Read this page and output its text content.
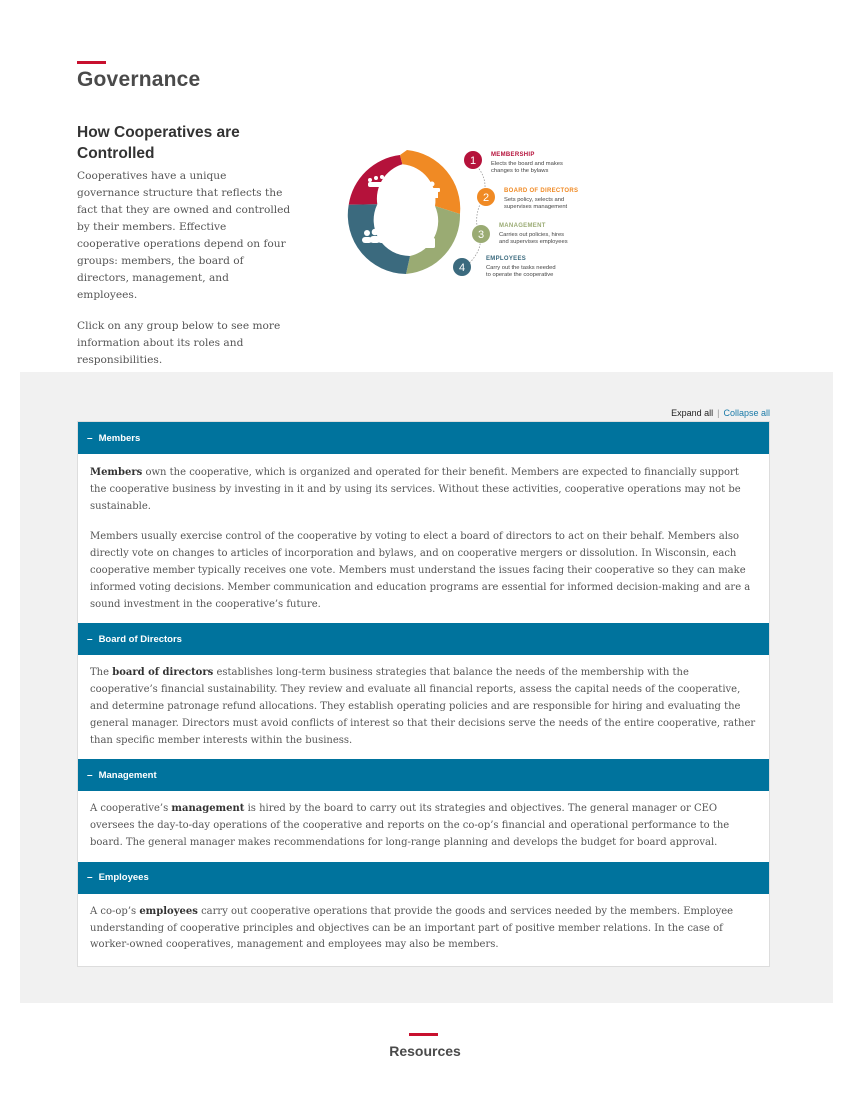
Governance
How Cooperatives are Controlled

Cooperatives have a unique governance structure that reflects the fact that they are owned and controlled by their members. Effective cooperative operations depend on four groups: members, the board of directors, management, and employees.

Click on any group below to see more information about its roles and responsibilities.

1 MEMBERSHIP
Elects the board and makes
changes to the bylaws
2
BOARD OF DIRECTORS
Sets policy, selects and
supervises management
3
MANAGEMENT
Carries out policies, hires
and supervises employees
4
EMPLOYEES
Carry out the tasks needed
to operate the cooperative
Expand all | Collapse all
– Members

Members own the cooperative, which is organized and operated for their benefit. Members are expected to financially support the cooperative business by investing in it and by using its services. Without these activities, cooperative operations may not be sustainable.

Members usually exercise control of the cooperative by voting to elect a board of directors to act on their behalf. Members also directly vote on changes to articles of incorporation and bylaws, and on cooperative mergers or dissolution. In Wisconsin, each cooperative member typically receives one vote. Members must understand the issues facing their cooperative so they can make informed voting decisions. Member communication and education programs are essential for informed decision-making and are a sound investment in the cooperative’s future.

– Board of Directors

The board of directors establishes long-term business strategies that balance the needs of the membership with the cooperative’s financial sustainability. They review and evaluate all financial reports, assess the capital needs of the cooperative, and determine patronage refund allocations. They establish operating policies and are responsible for hiring and evaluating the general manager. Directors must avoid conflicts of interest so that their decisions serve the needs of the entire cooperative, rather than specific member interests within the business.

– Management

A cooperative’s management is hired by the board to carry out its strategies and objectives. The general manager or CEO oversees the day-to-day operations of the cooperative and reports on the co-op’s financial and operational performance to the board. The general manager makes recommendations for long-range planning and develops the budget for board approval.

– Employees

A co-op’s employees carry out cooperative operations that provide the goods and services needed by the members. Employee understanding of cooperative principles and objectives can be an important part of positive member relations. In the case of worker-owned cooperatives, management and employees may also be members.

Resources
